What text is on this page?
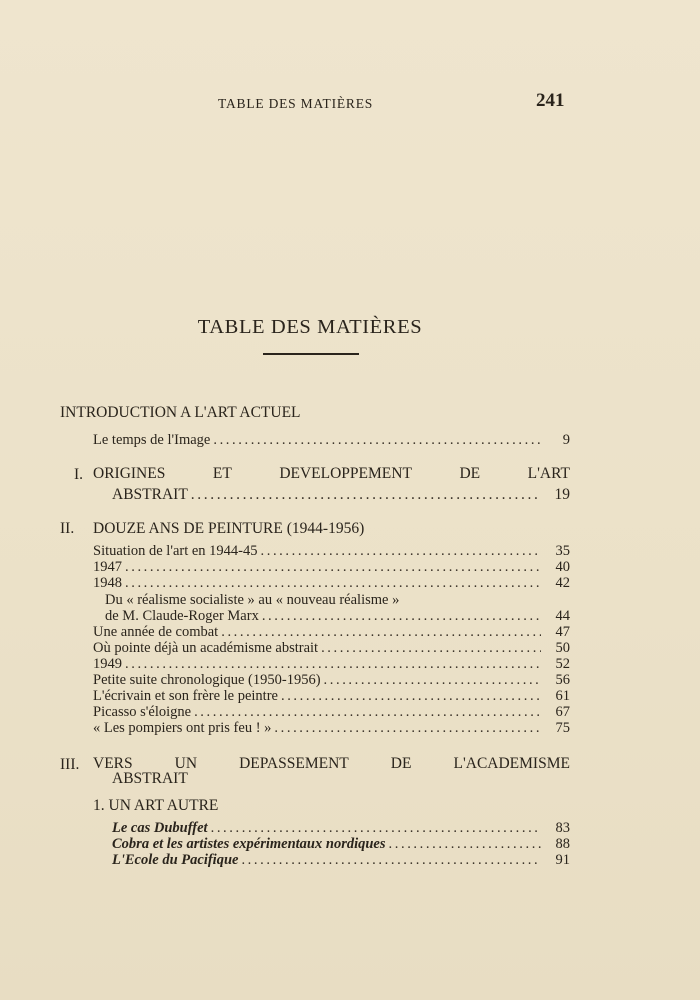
TABLE DES MATIÈRES	241
TABLE DES MATIÈRES
INTRODUCTION A L'ART ACTUEL
Le temps de l'Image .....	9
I. ORIGINES	ET	DEVELOPPEMENT	DE	L'ART
ABSTRAIT .....	19
II. DOUZE ANS DE PEINTURE (1944-1956)
Situation de l'art en 1944-45 .....	35
1947 .....	40
1948 .....	42
Du « réalisme socialiste » au « nouveau réalisme »
de M. Claude-Roger Marx .....	44
Une année de combat .....	47
Où pointe déjà un académisme abstrait .....	50
1949 .....	52
Petite suite chronologique (1950-1956) .....	56
L'écrivain et son frère le peintre .....	61
Picasso s'éloigne .....	67
« Les pompiers ont pris feu ! » .....	75
III. VERS	UN	DEPASSEMENT	DE	L'ACADEMISME
ABSTRAIT
1. UN ART AUTRE
Le cas Dubuffet .....	83
Cobra et les artistes expérimentaux nordiques .....	88
L'Ecole du Pacifique .....	91
